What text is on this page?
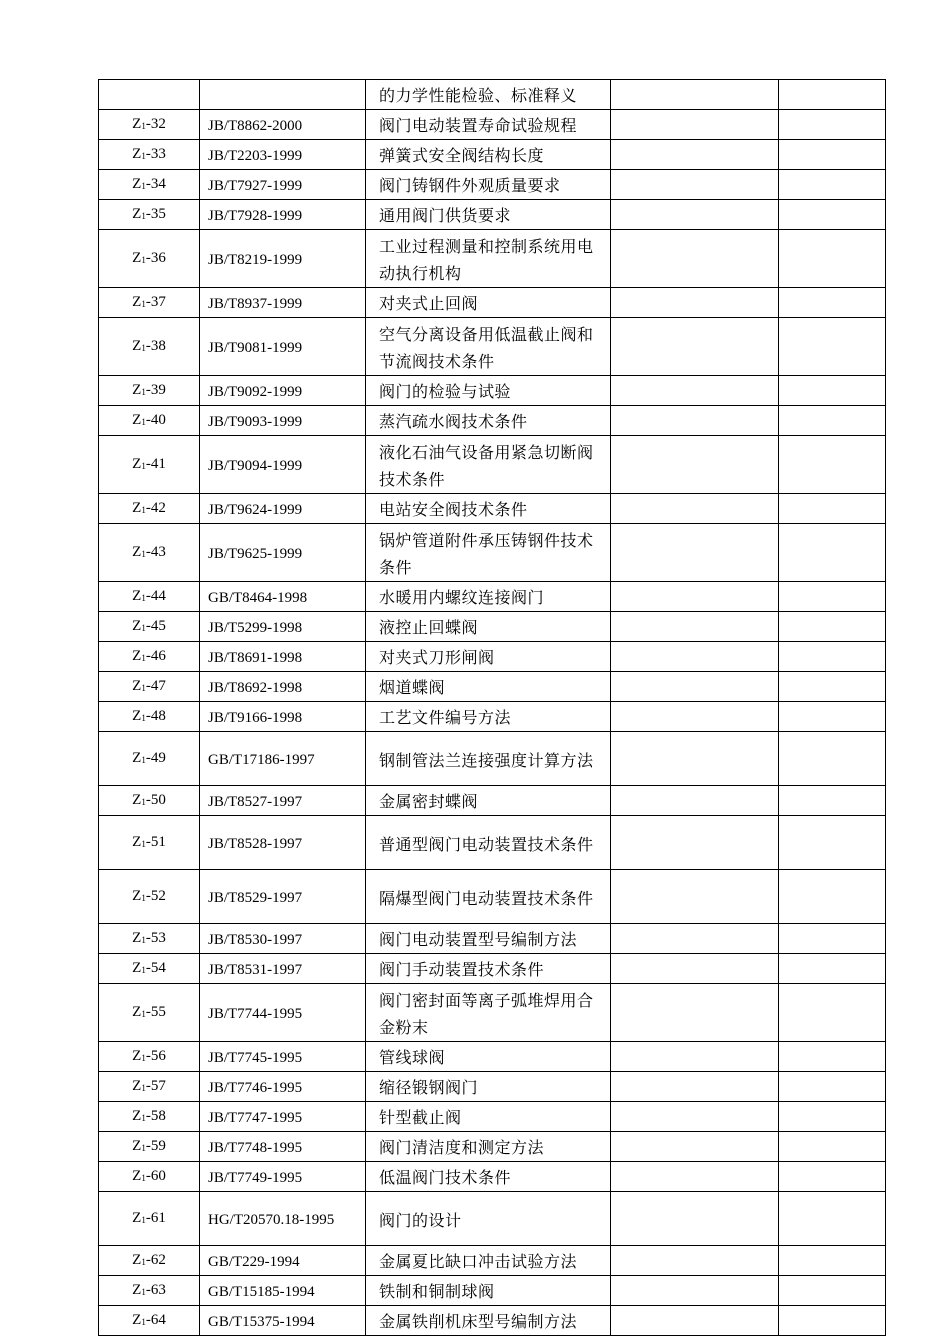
		的力学性能检验、标准释义		

$Z_1-32$	JB/T8862-2000	阀门电动装置寿命试验规程		

$Z_1-33$	JB/T2203-1999	弹簧式安全阀结构长度		

$Z_1-34$	JB/T7927-1999	阀门铸钢件外观质量要求		

$Z_1-35$	JB/T7928-1999	通用阀门供货要求		

$Z_1-36$	JB/T8219-1999	工业过程测量和控制系统用电动执行机构		

$Z_1-37$	JB/T8937-1999	对夹式止回阀		

$Z_1-38$	JB/T9081-1999	空气分离设备用低温截止阀和节流阀技术条件		

$Z_1-39$	JB/T9092-1999	阀门的检验与试验		

$Z_1-40$	JB/T9093-1999	蒸汽疏水阀技术条件		

$Z_1-41$	JB/T9094-1999	液化石油气设备用紧急切断阀技术条件		

$Z_1-42$	JB/T9624-1999	电站安全阀技术条件		

$Z_1-43$	JB/T9625-1999	锅炉管道附件承压铸钢件技术条件		

$Z_1-44$	GB/T8464-1998	水暖用内螺纹连接阀门		

$Z_1-45$	JB/T5299-1998	液控止回蝶阀		

$Z_1-46$	JB/T8691-1998	对夹式刀形闸阀		

$Z_1-47$	JB/T8692-1998	烟道蝶阀		

$Z_1-48$	JB/T9166-1998	工艺文件编号方法		

$Z_1-49$	GB/T17186-1997	钢制管法兰连接强度计算方法		

$Z_1-50$	JB/T8527-1997	金属密封蝶阀		

$Z_1-51$	JB/T8528-1997	普通型阀门电动装置技术条件		

$Z_1-52$	JB/T8529-1997	隔爆型阀门电动装置技术条件		

$Z_1-53$	JB/T8530-1997	阀门电动装置型号编制方法		

$Z_1-54$	JB/T8531-1997	阀门手动装置技术条件		

$Z_1-55$	JB/T7744-1995	阀门密封面等离子弧堆焊用合金粉末		

$Z_1-56$	JB/T7745-1995	管线球阀		

$Z_1-57$	JB/T7746-1995	缩径锻钢阀门		

$Z_1-58$	JB/T7747-1995	针型截止阀		

$Z_1-59$	JB/T7748-1995	阀门清洁度和测定方法		

$Z_1-60$	JB/T7749-1995	低温阀门技术条件		

$Z_1-61$	HG/T20570.18-1995	阀门的设计		

$Z_1-62$	GB/T229-1994	金属夏比缺口冲击试验方法		

$Z_1-63$	GB/T15185-1994	铁制和铜制球阀		

$Z_1-64$	GB/T15375-1994	金属铁削机床型号编制方法		
